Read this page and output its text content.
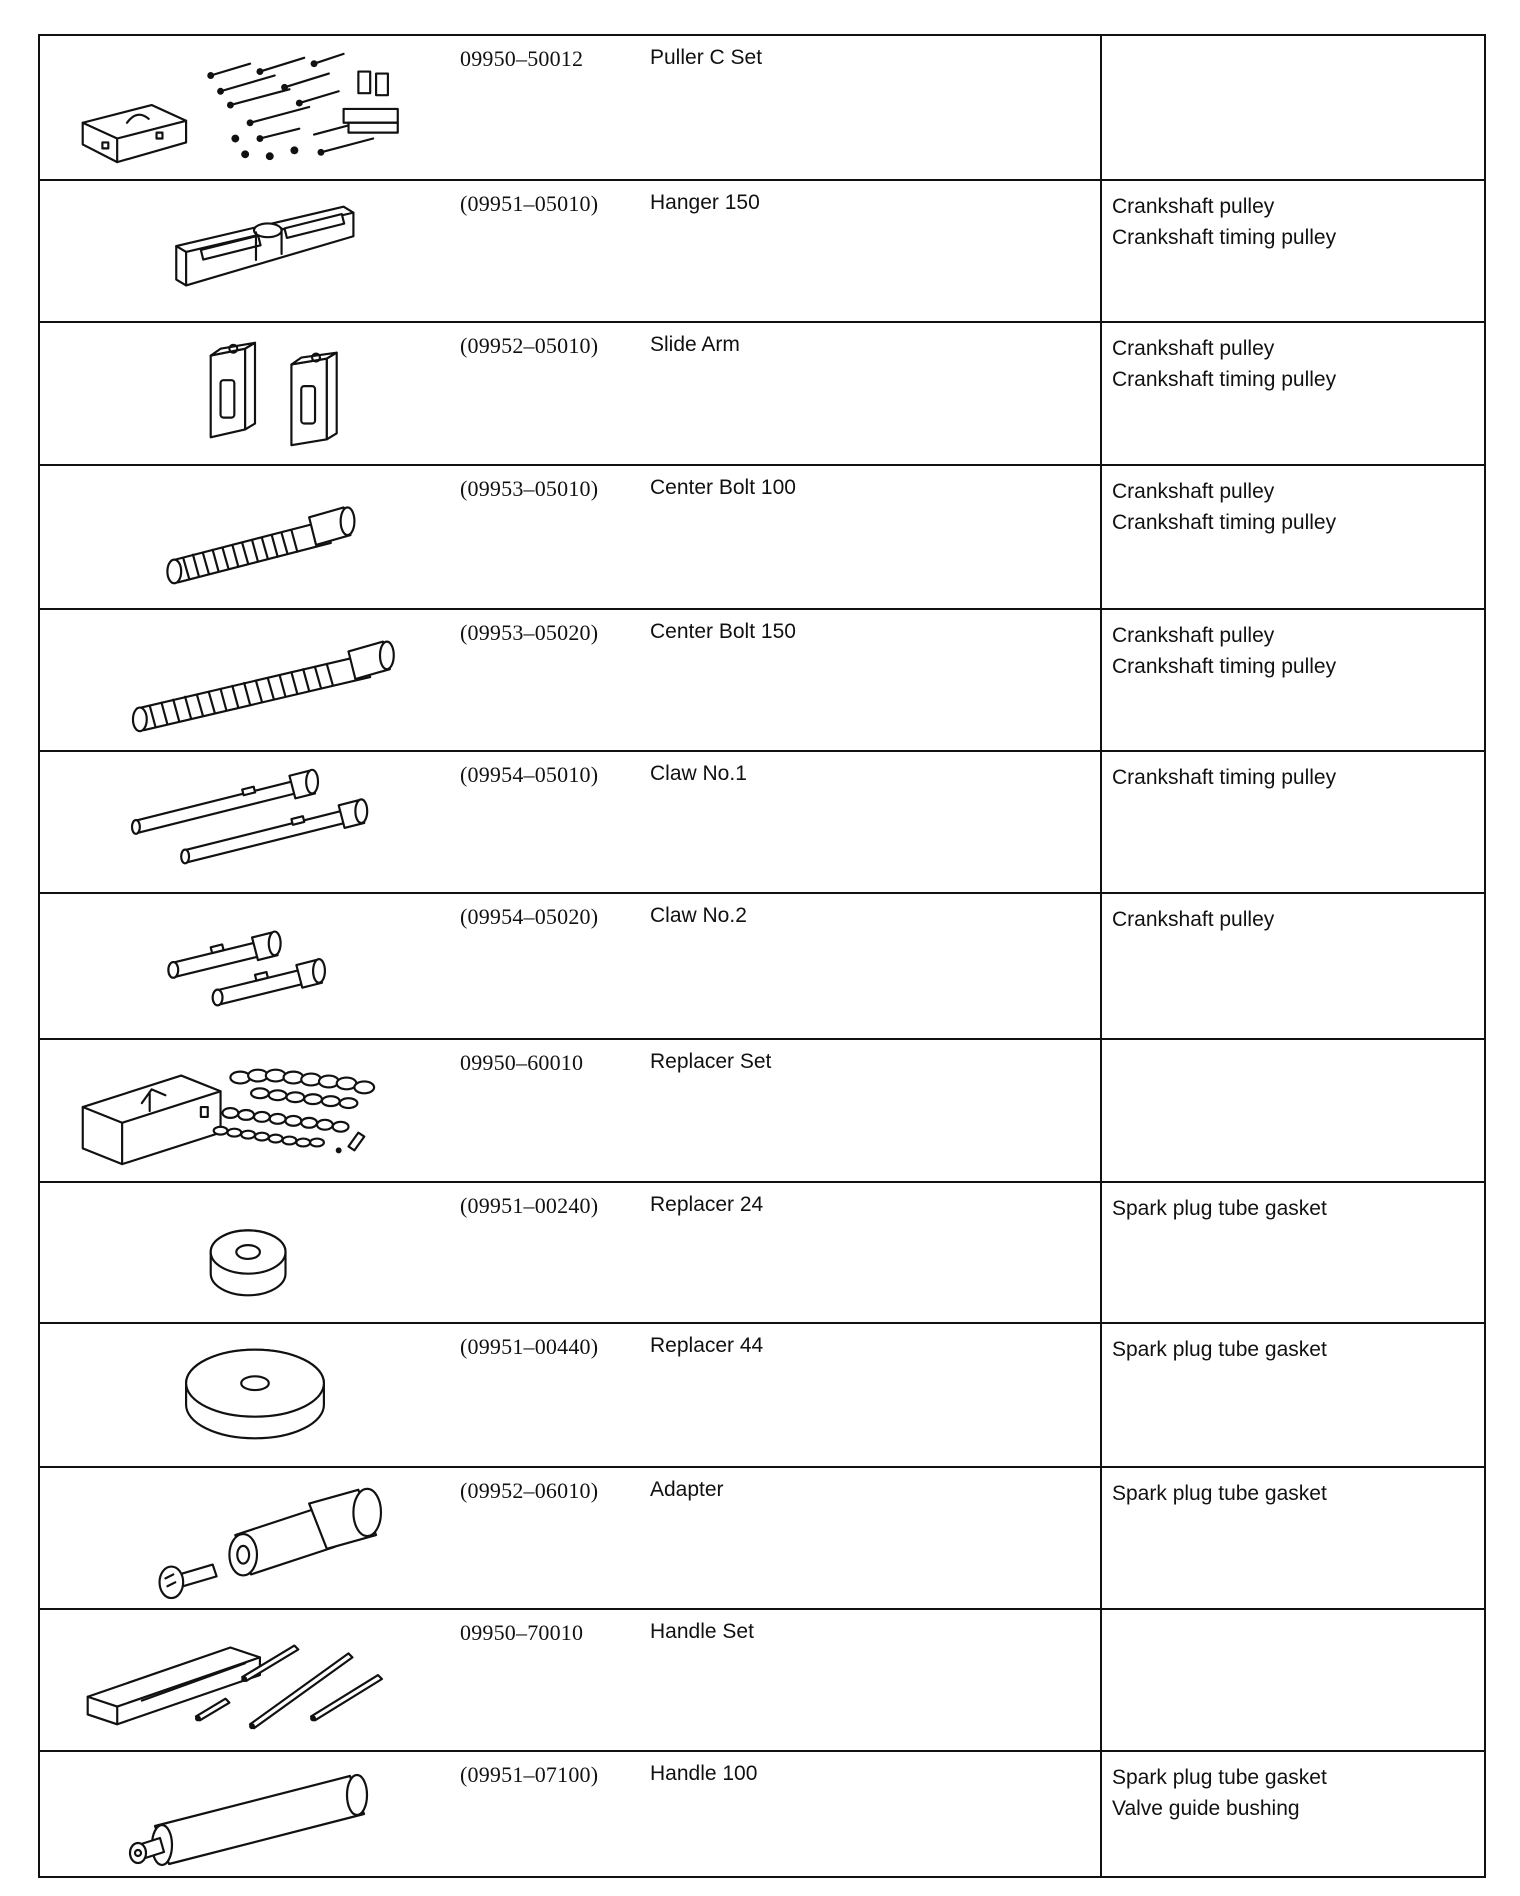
09950–50012	Puller C Set
(09951–05010)	Hanger 150	Crankshaft pulley
Crankshaft timing pulley
(09952–05010)	Slide Arm	Crankshaft pulley
Crankshaft timing pulley
(09953–05010)	Center Bolt 100	Crankshaft pulley
Crankshaft timing pulley
(09953–05020)	Center Bolt 150	Crankshaft pulley
Crankshaft timing pulley
(09954–05010)	Claw No.1	Crankshaft timing pulley
(09954–05020)	Claw No.2	Crankshaft pulley
09950–60010	Replacer Set
(09951–00240)	Replacer 24	Spark plug tube gasket
(09951–00440)	Replacer 44	Spark plug tube gasket
(09952–06010)	Adapter	Spark plug tube gasket
09950–70010	Handle Set
(09951–07100)	Handle 100	Spark plug tube gasket
Valve guide bushing
